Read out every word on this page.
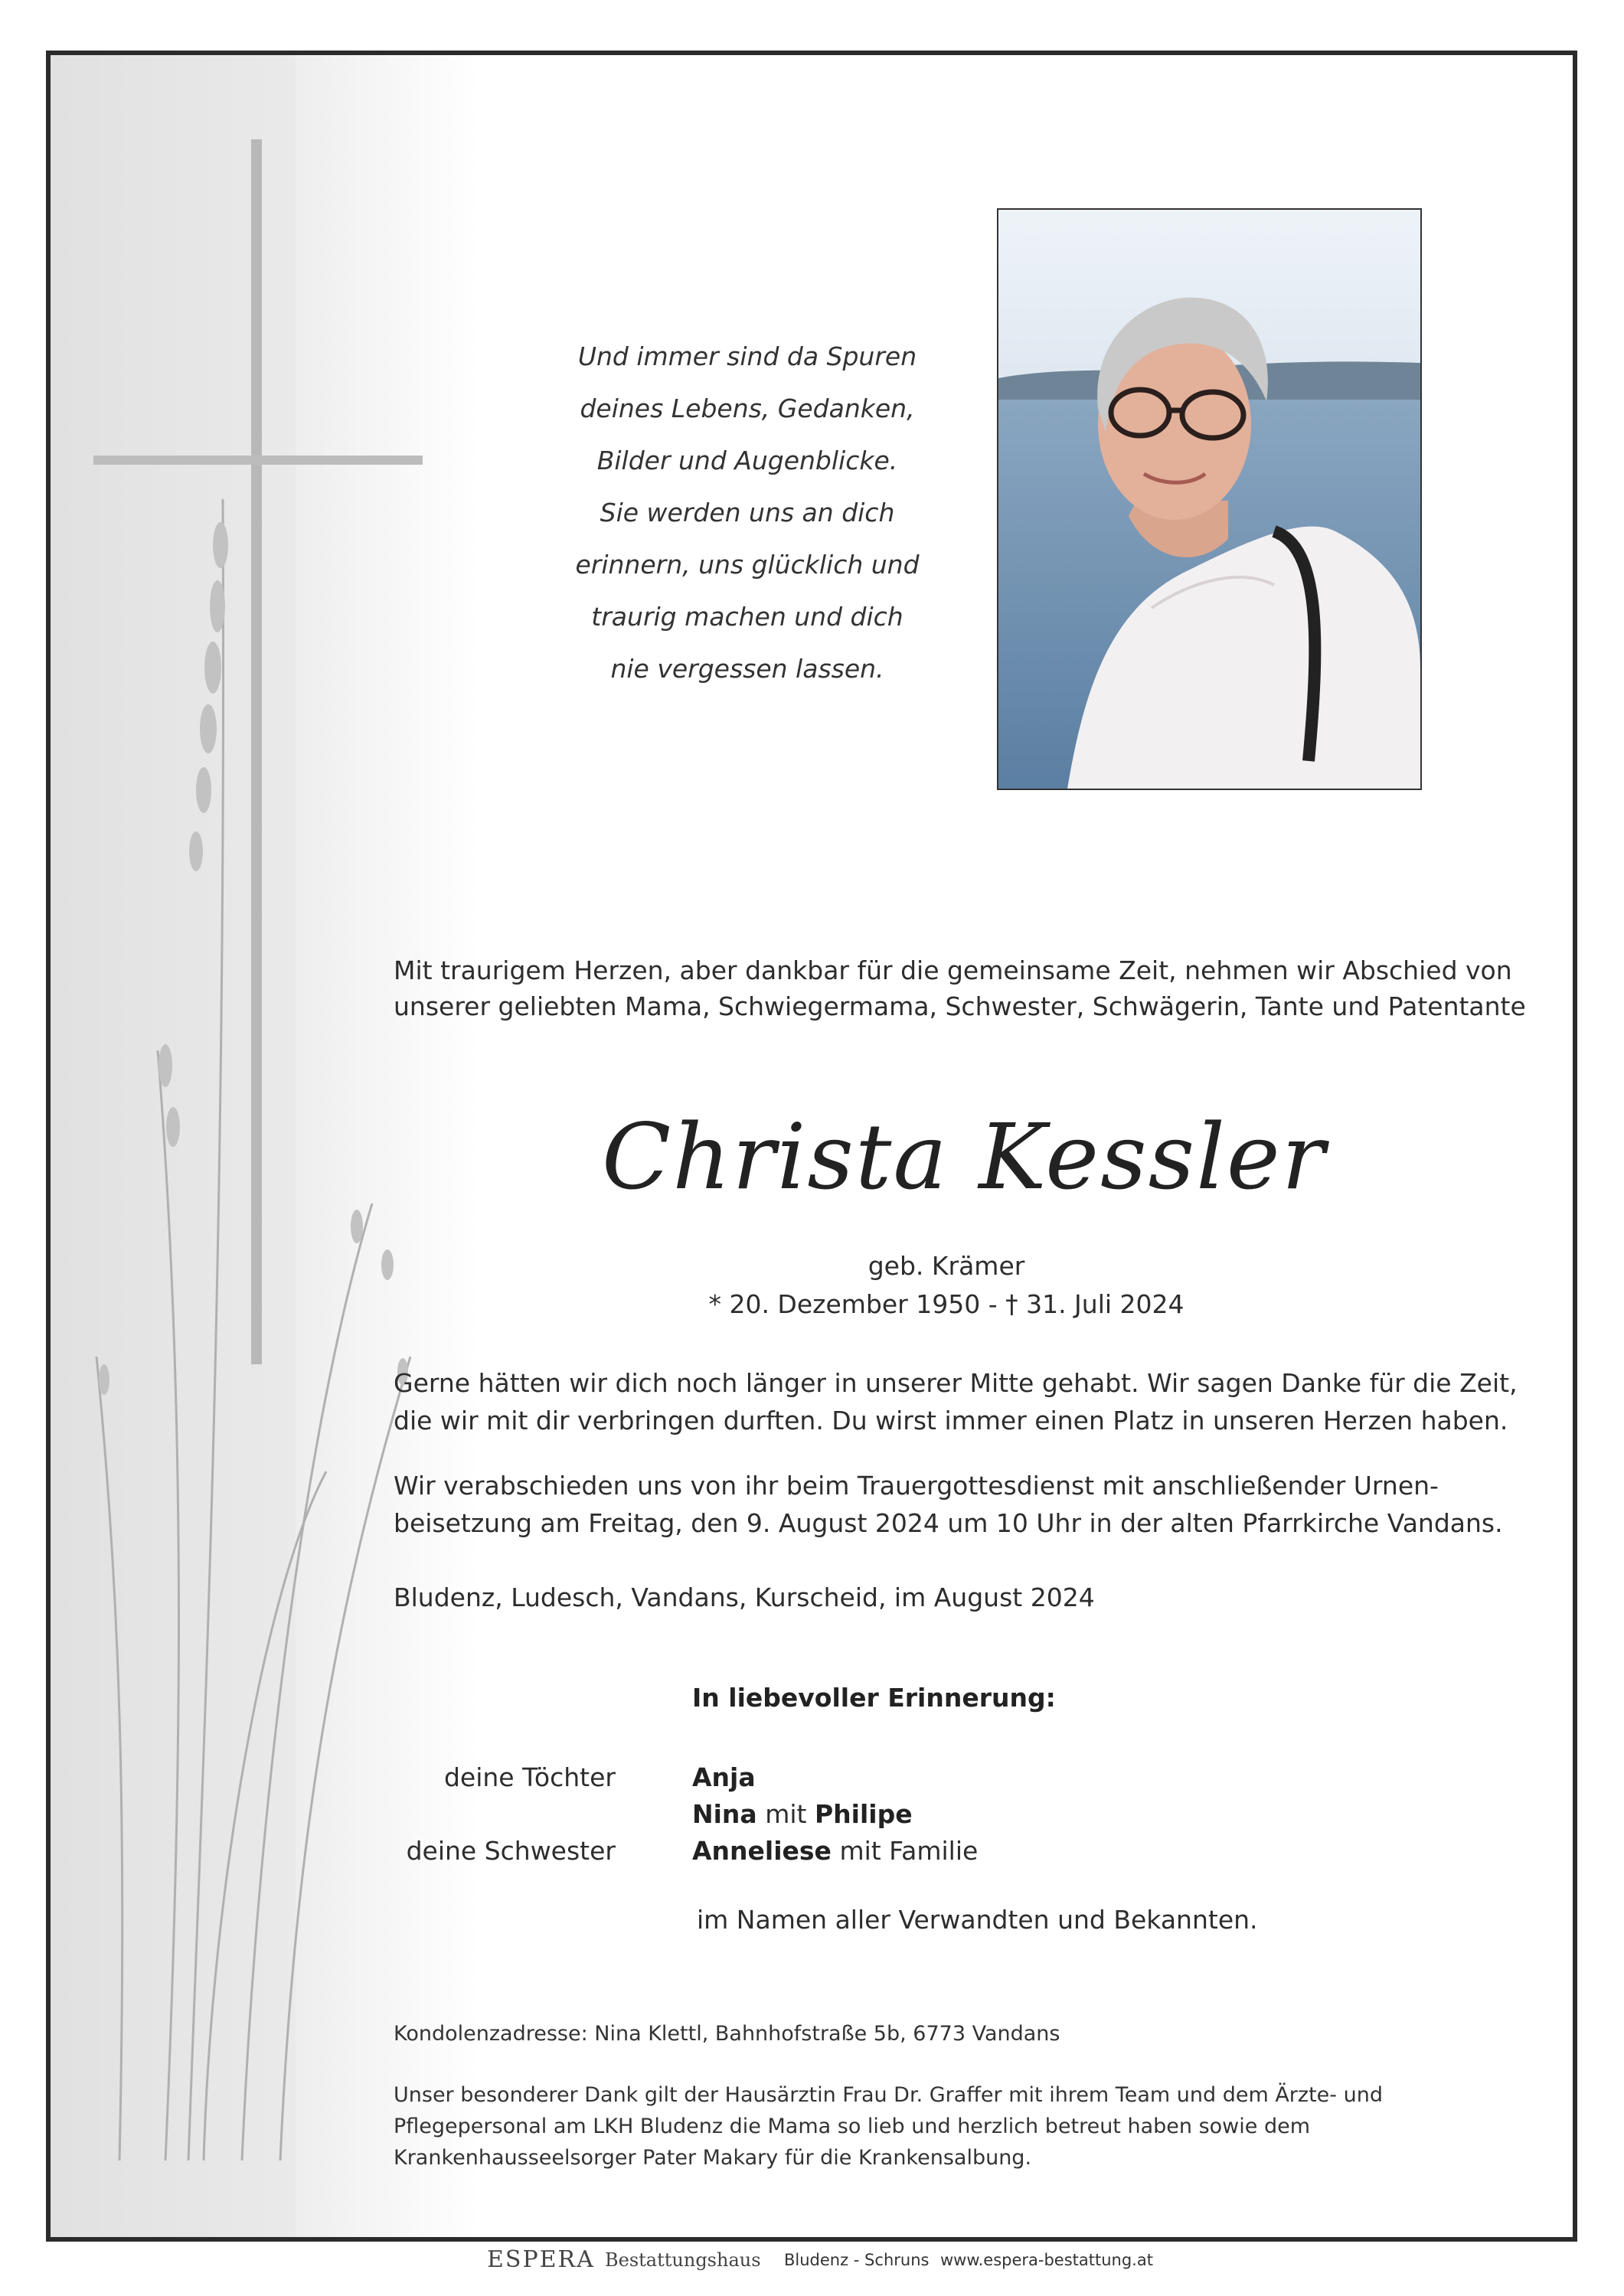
Und immer sind da Spuren
deines Lebens, Gedanken,
Bilder und Augenblicke.
Sie werden uns an dich
erinnern, uns glücklich und
traurig machen und dich
nie vergessen lassen.
Mit traurigem Herzen, aber dankbar für die gemeinsame Zeit, nehmen wir Abschied von
unserer geliebten Mama, Schwiegermama, Schwester, Schwägerin, Tante und Patentante
Christa Kessler
geb. Krämer
* 20. Dezember 1950 - † 31. Juli 2024
Gerne hätten wir dich noch länger in unserer Mitte gehabt. Wir sagen Danke für die Zeit,
die wir mit dir verbringen durften. Du wirst immer einen Platz in unseren Herzen haben.
Wir verabschieden uns von ihr beim Trauergottesdienst mit anschließender Urnen-
beisetzung am Freitag, den 9. August 2024 um 10 Uhr in der alten Pfarrkirche Vandans.
Bludenz, Ludesch, Vandans, Kurscheid, im August 2024
In liebevoller Erinnerung:
deine Töchter	Anja
Nina mit Philipe
deine Schwester	Anneliese mit Familie
im Namen aller Verwandten und Bekannten.
Kondolenzadresse: Nina Klettl, Bahnhofstraße 5b, 6773 Vandans
Unser besonderer Dank gilt der Hausärztin Frau Dr. Graffer mit ihrem Team und dem Ärzte- und
Pflegepersonal am LKH Bludenz die Mama so lieb und herzlich betreut haben sowie dem
Krankenhausseelsorger Pater Makary für die Krankensalbung.
ESPERA Bestattungshaus Bludenz - Schruns www.espera-bestattung.at
